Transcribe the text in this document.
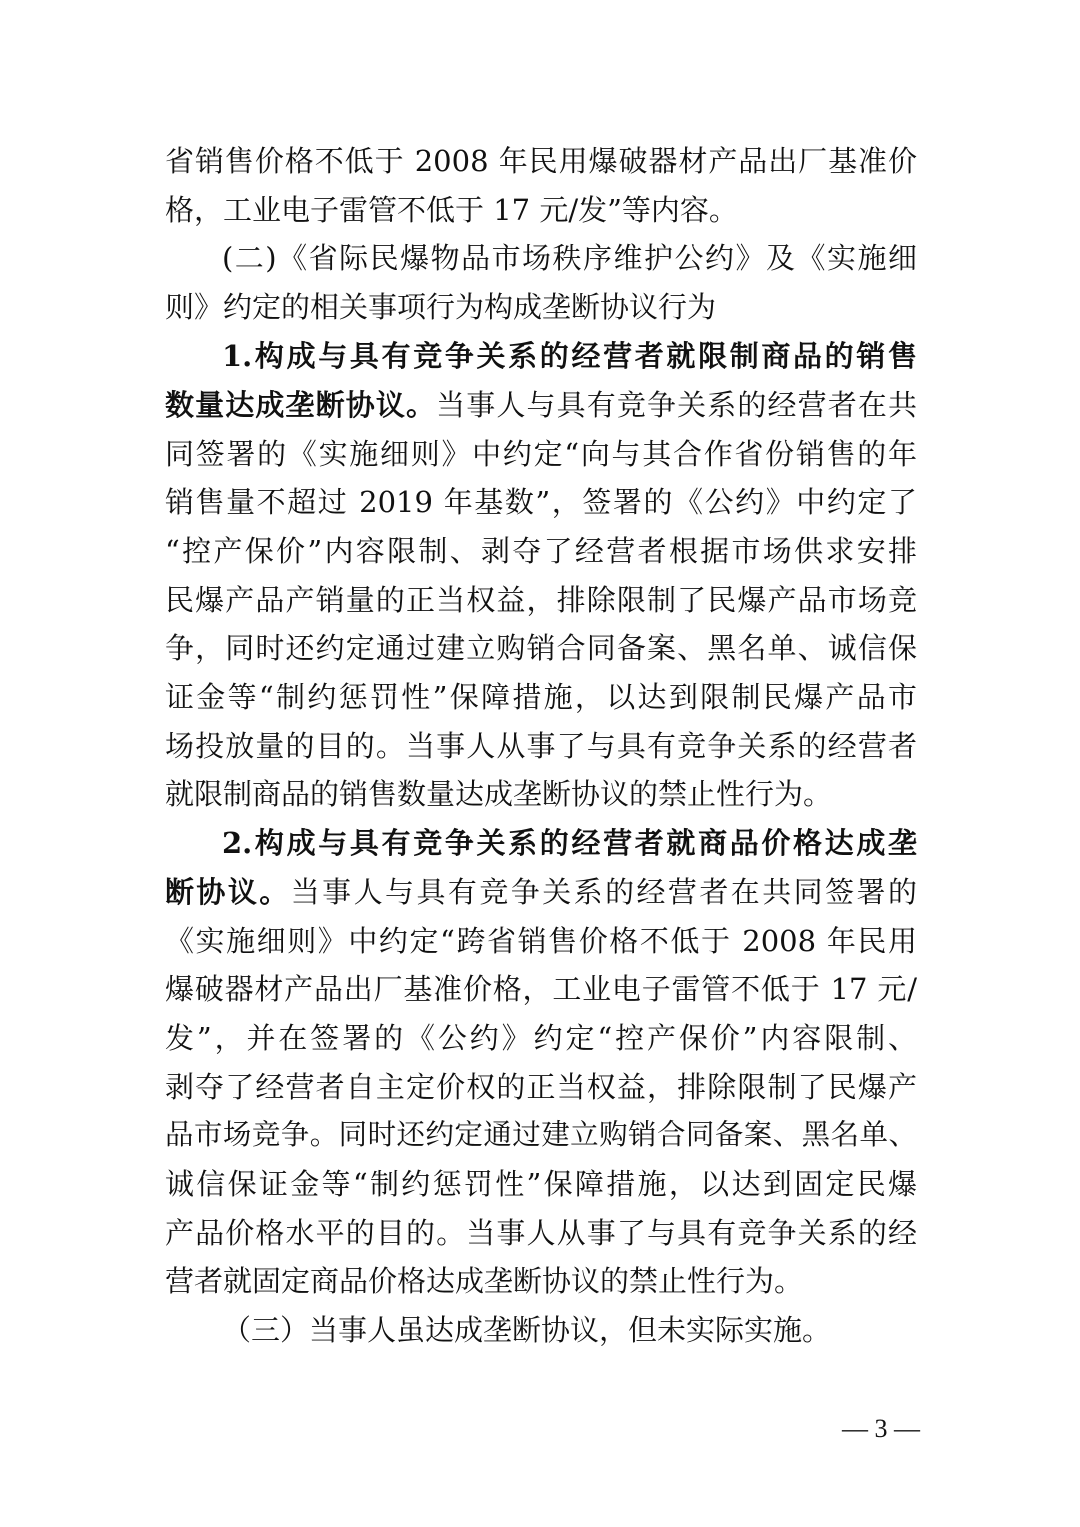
省销售价格不低于 2008 年民用爆破器材产品出厂基准价
格，工业电子雷管不低于 17 元/发”等内容。
(二)《省际民爆物品市场秩序维护公约》及《实施细
则》约定的相关事项行为构成垄断协议行为
1.构成与具有竞争关系的经营者就限制商品的销售
数量达成垄断协议。当事人与具有竞争关系的经营者在共
同签署的《实施细则》中约定“向与其合作省份销售的年
销售量不超过 2019 年基数”，签署的《公约》中约定了
“控产保价”内容限制、剥夺了经营者根据市场供求安排
民爆产品产销量的正当权益，排除限制了民爆产品市场竞
争，同时还约定通过建立购销合同备案、黑名单、诚信保
证金等“制约惩罚性”保障措施，以达到限制民爆产品市
场投放量的目的。当事人从事了与具有竞争关系的经营者
就限制商品的销售数量达成垄断协议的禁止性行为。
2.构成与具有竞争关系的经营者就商品价格达成垄
断协议。当事人与具有竞争关系的经营者在共同签署的
《实施细则》中约定“跨省销售价格不低于 2008 年民用
爆破器材产品出厂基准价格，工业电子雷管不低于 17 元/
发”，并在签署的《公约》约定“控产保价”内容限制、
剥夺了经营者自主定价权的正当权益，排除限制了民爆产
品市场竞争。同时还约定通过建立购销合同备案、黑名单、
诚信保证金等“制约惩罚性”保障措施，以达到固定民爆
产品价格水平的目的。当事人从事了与具有竞争关系的经
营者就固定商品价格达成垄断协议的禁止性行为。
（三）当事人虽达成垄断协议，但未实际实施。
— 3 —
